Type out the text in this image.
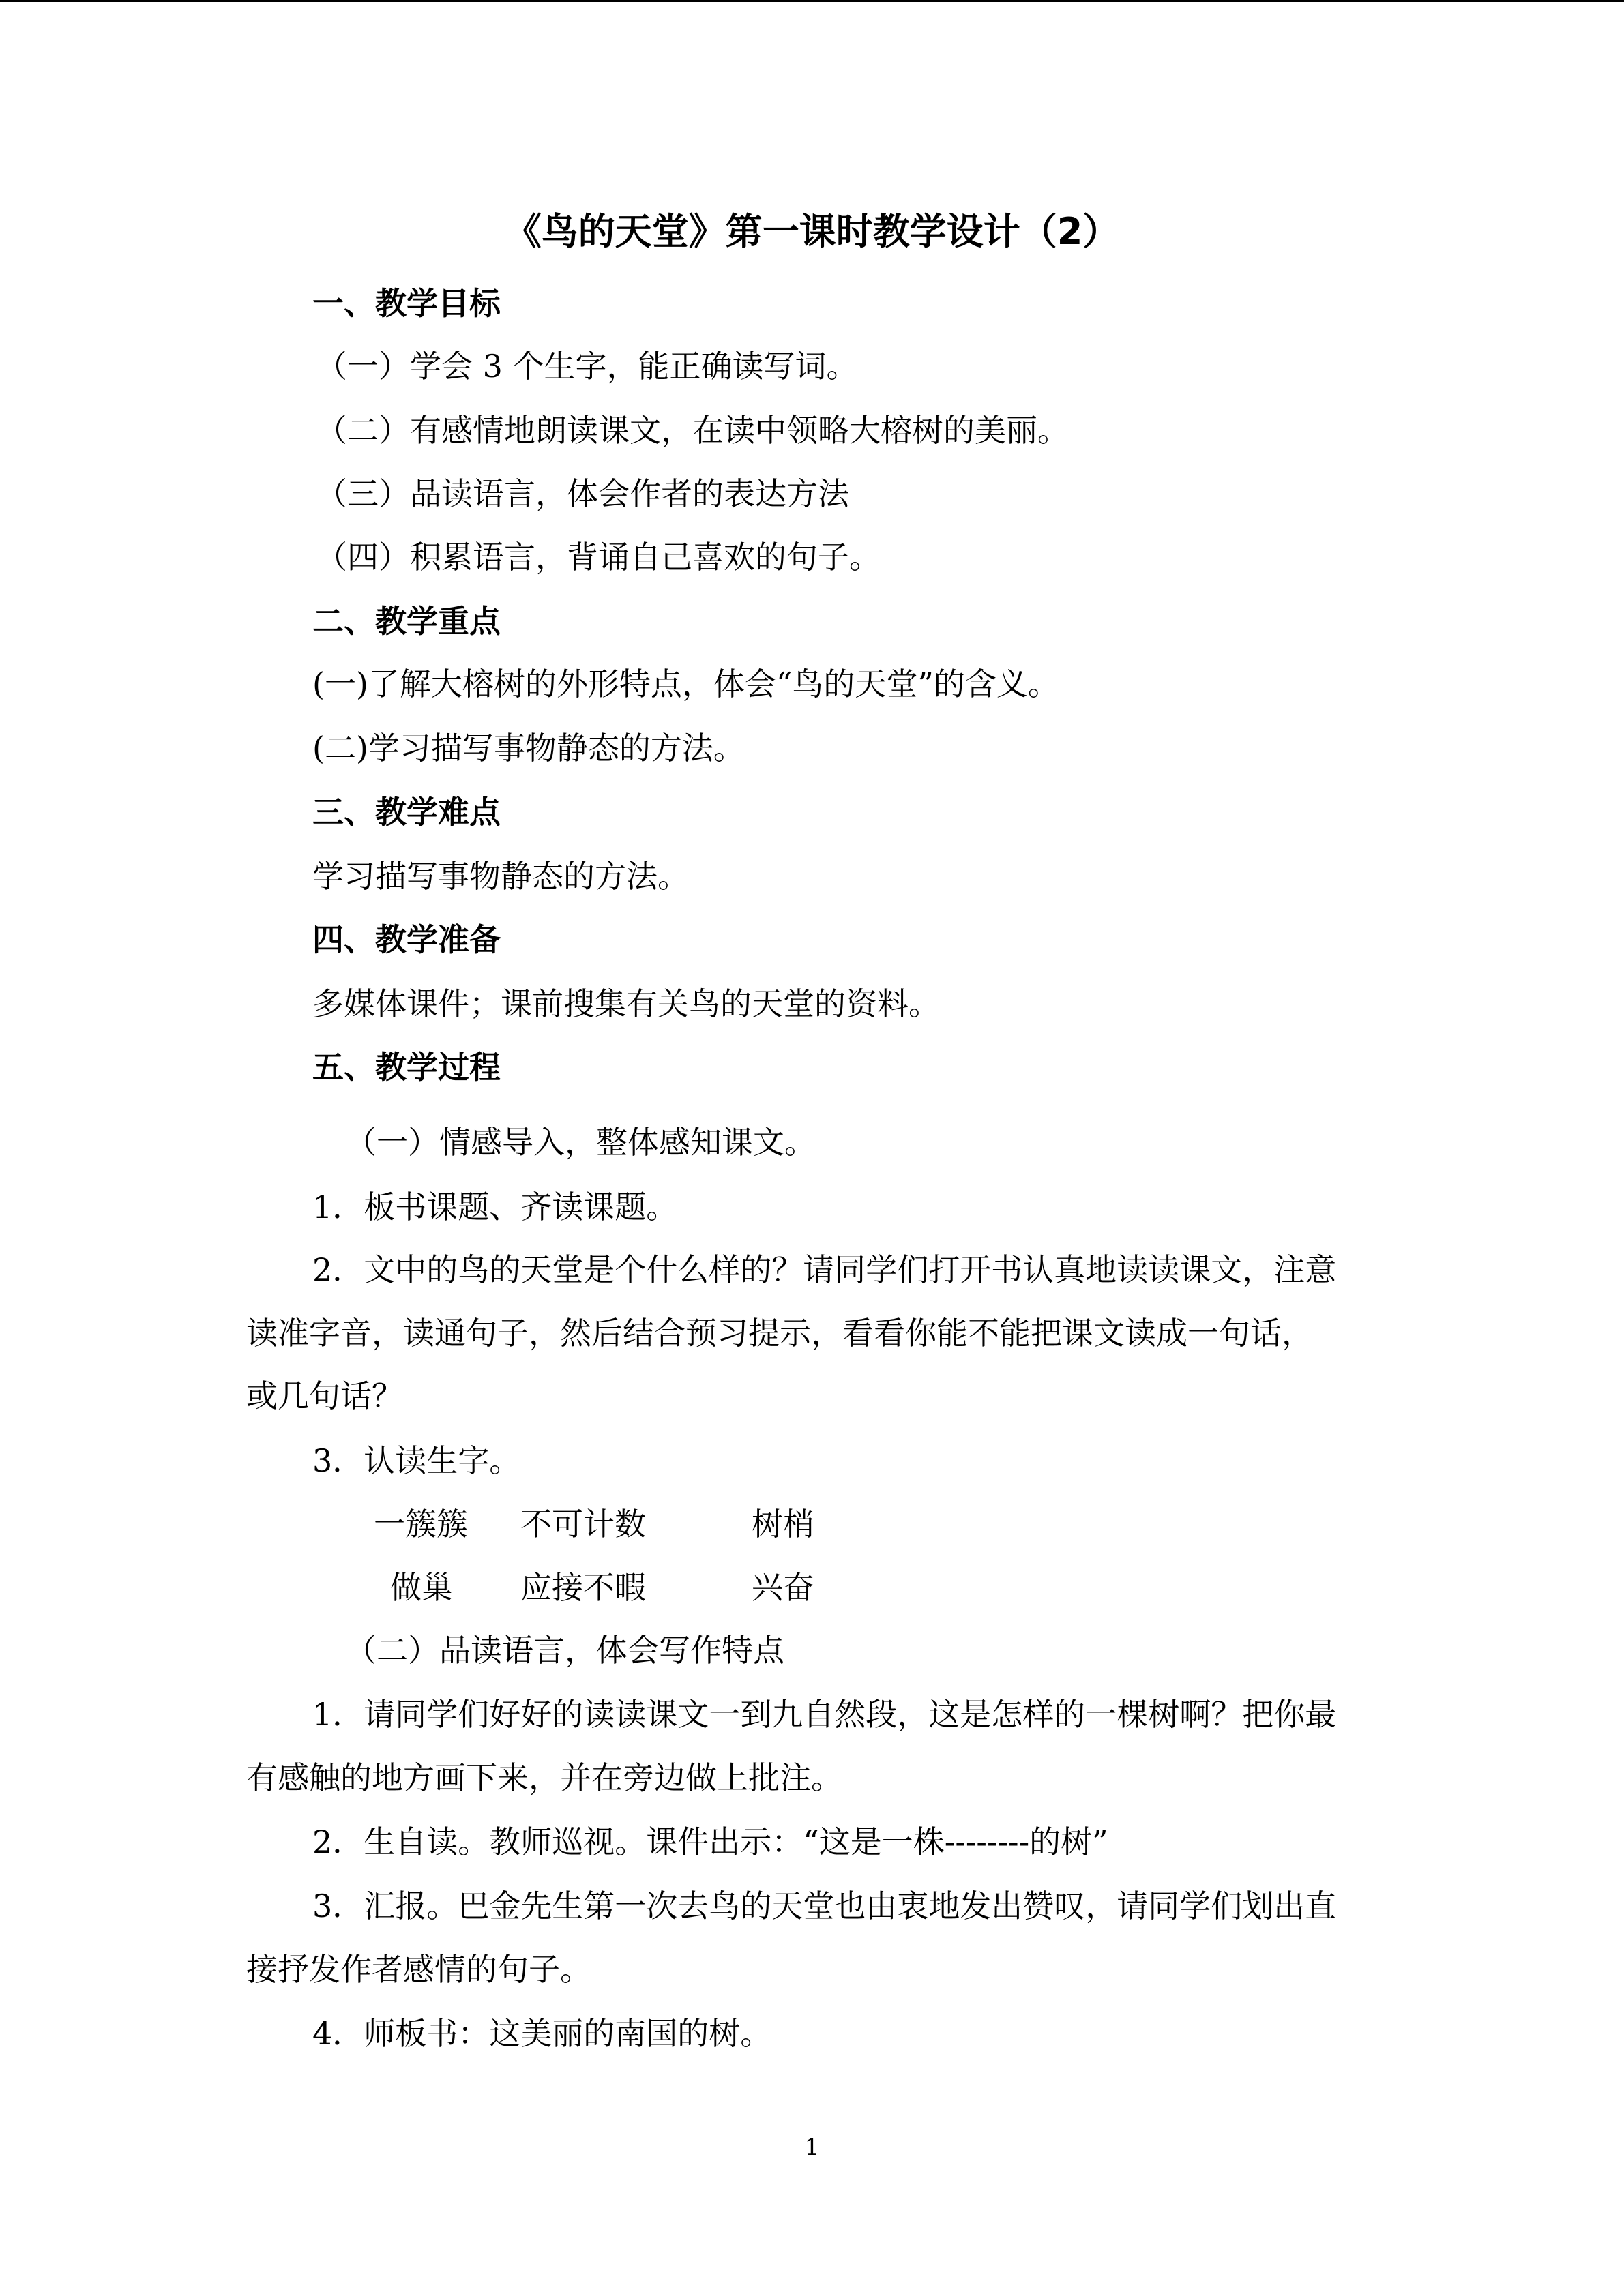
《鸟的天堂》第一课时教学设计（2）
一、教学目标
（一）学会 3 个生字，能正确读写词。
（二）有感情地朗读课文，在读中领略大榕树的美丽。
（三）品读语言，体会作者的表达方法
（四）积累语言，背诵自己喜欢的句子。
二、教学重点
(一)了解大榕树的外形特点，体会“鸟的天堂”的含义。
(二)学习描写事物静态的方法。
三、教学难点
学习描写事物静态的方法。
四、教学准备
多媒体课件；课前搜集有关鸟的天堂的资料。
五、教学过程
（一）情感导入，整体感知课文。
1．板书课题、齐读课题。
2．文中的鸟的天堂是个什么样的？请同学们打开书认真地读读课文，注意
读准字音，读通句子，然后结合预习提示，看看你能不能把课文读成一句话，
或几句话？
3．认读生字。
一簇簇 不可计数	树梢
做巢 应接不暇	兴奋
（二）品读语言，体会写作特点
1．请同学们好好的读读课文一到九自然段，这是怎样的一棵树啊？把你最
有感触的地方画下来，并在旁边做上批注。
2．生自读。教师巡视。课件出示：“这是一株--------的树”
3．汇报。巴金先生第一次去鸟的天堂也由衷地发出赞叹，请同学们划出直
接抒发作者感情的句子。
4．师板书：这美丽的南国的树。
1
